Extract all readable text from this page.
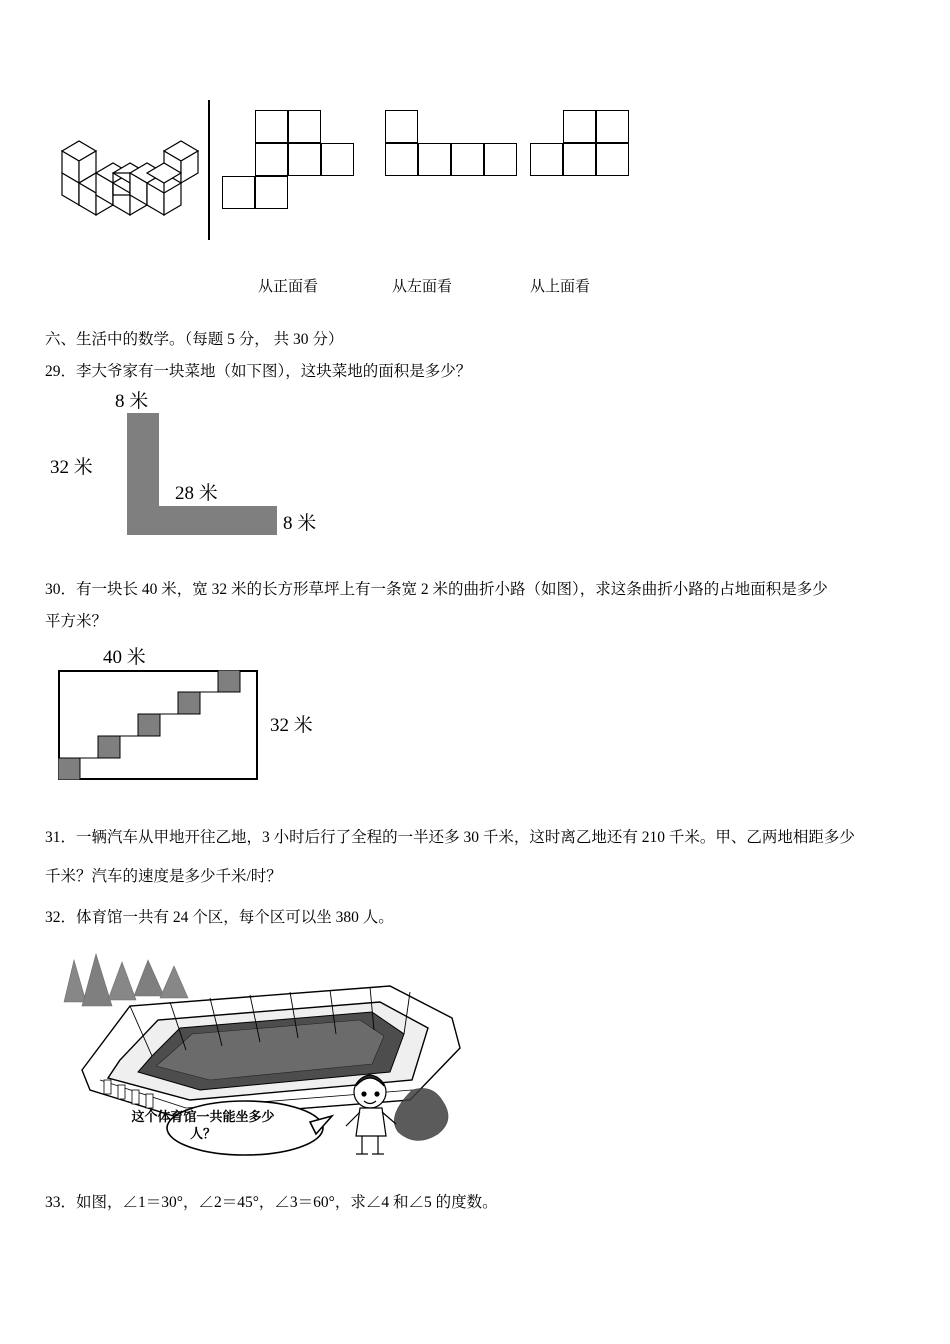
从正面看	从左面看	从上面看
六、生活中的数学。（每题 5 分， 共 30 分）
29．李大爷家有一块菜地（如下图），这块菜地的面积是多少？
8 米
32 米
28 米
8 米
30．有一块长 40 米，宽 32 米的长方形草坪上有一条宽 2 米的曲折小路（如图），求这条曲折小路的占地面积是多少
平方米？
40 米
32 米
31．一辆汽车从甲地开往乙地，3 小时后行了全程的一半还多 30 千米，这时离乙地还有 210 千米。甲、乙两地相距多少
千米？汽车的速度是多少千米/时？
32．体育馆一共有 24 个区，每个区可以坐 380 人。
这个体育馆一共能坐多少人？
33．如图，∠1＝30°，∠2＝45°，∠3＝60°，求∠4 和∠5 的度数。
